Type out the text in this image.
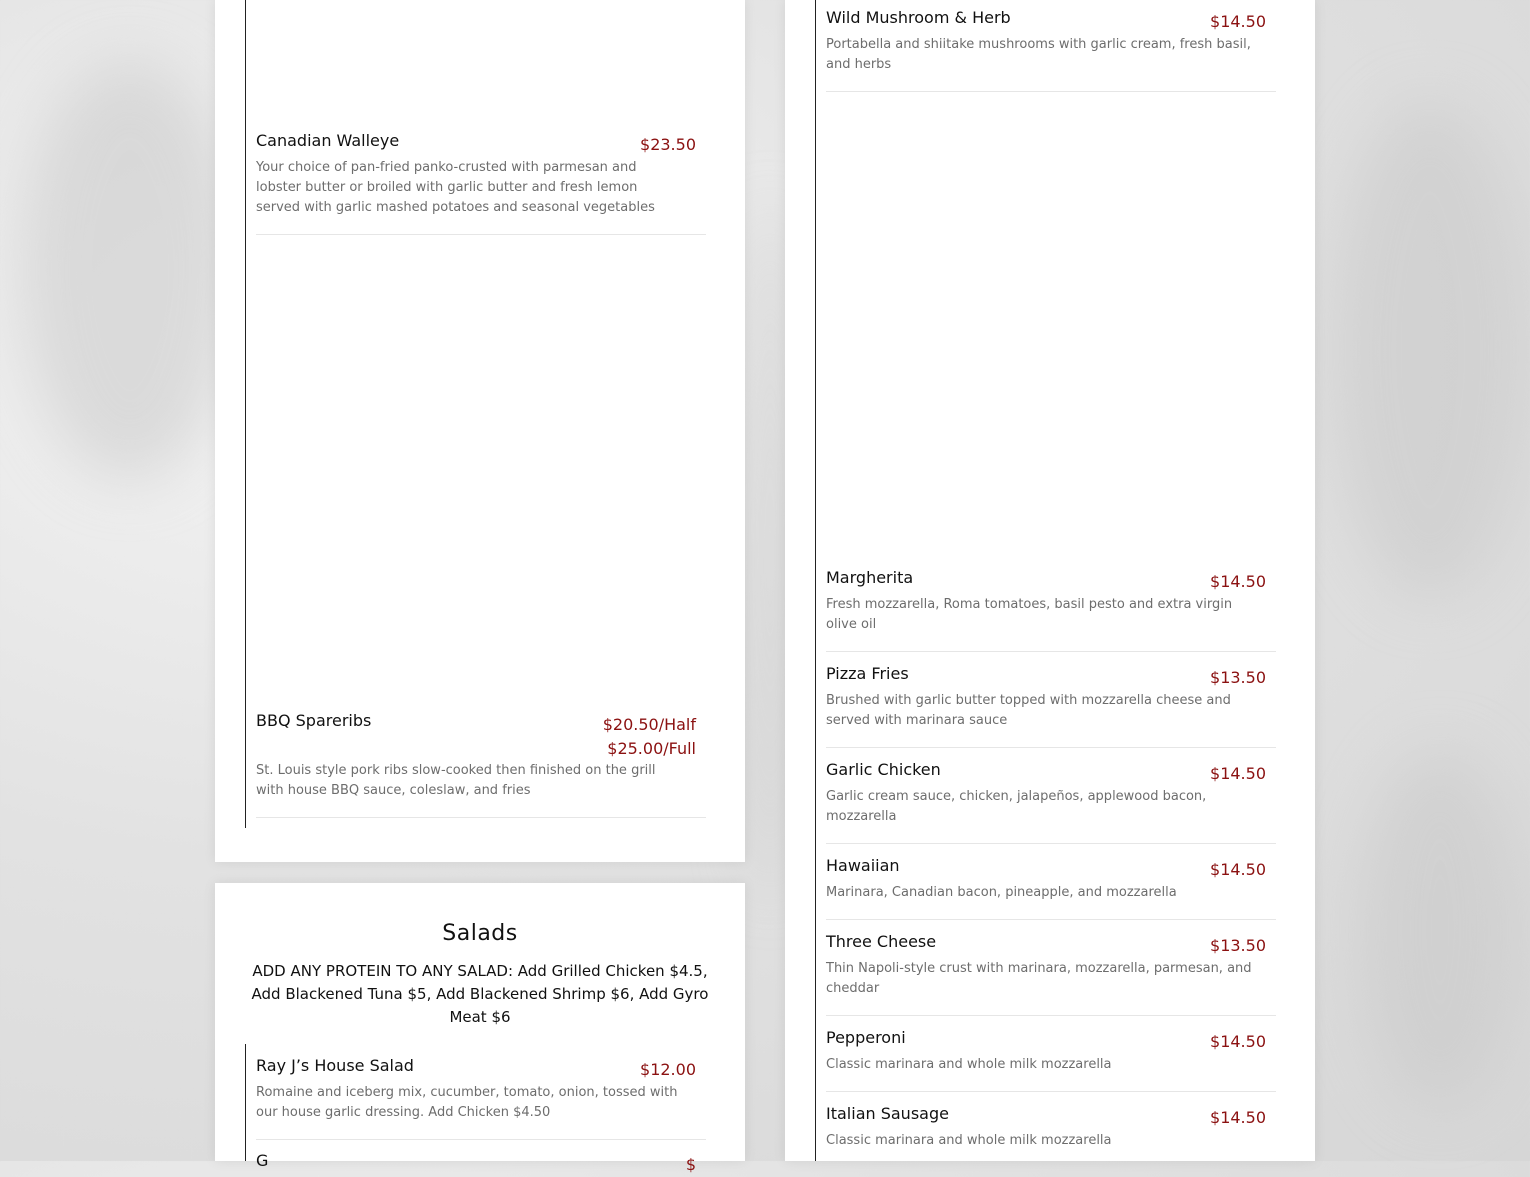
Canadian Walleye	$23.50
Your choice of pan-fried panko-crusted with parmesan and lobster butter or broiled with garlic butter and fresh lemon served with garlic mashed potatoes and seasonal vegetables
BBQ Spareribs	$20.50/Half
$25.00/Full
St. Louis style pork ribs slow-cooked then finished on the grill with house BBQ sauce, coleslaw, and fries
Salads
ADD ANY PROTEIN TO ANY SALAD: Add Grilled Chicken $4.5, Add Blackened Tuna $5, Add Blackened Shrimp $6, Add Gyro Meat $6
Ray J’s House Salad	$12.00
Romaine and iceberg mix, cucumber, tomato, onion, tossed with our house garlic dressing. Add Chicken $4.50
G	$
Wild Mushroom & Herb	$14.50
Portabella and shiitake mushrooms with garlic cream, fresh basil, and herbs
Margherita	$14.50
Fresh mozzarella, Roma tomatoes, basil pesto and extra virgin olive oil
Pizza Fries	$13.50
Brushed with garlic butter topped with mozzarella cheese and served with marinara sauce
Garlic Chicken	$14.50
Garlic cream sauce, chicken, jalapeños, applewood bacon, mozzarella
Hawaiian	$14.50
Marinara, Canadian bacon, pineapple, and mozzarella
Three Cheese	$13.50
Thin Napoli-style crust with marinara, mozzarella, parmesan, and cheddar
Pepperoni	$14.50
Classic marinara and whole milk mozzarella
Italian Sausage	$14.50
Classic marinara and whole milk mozzarella
